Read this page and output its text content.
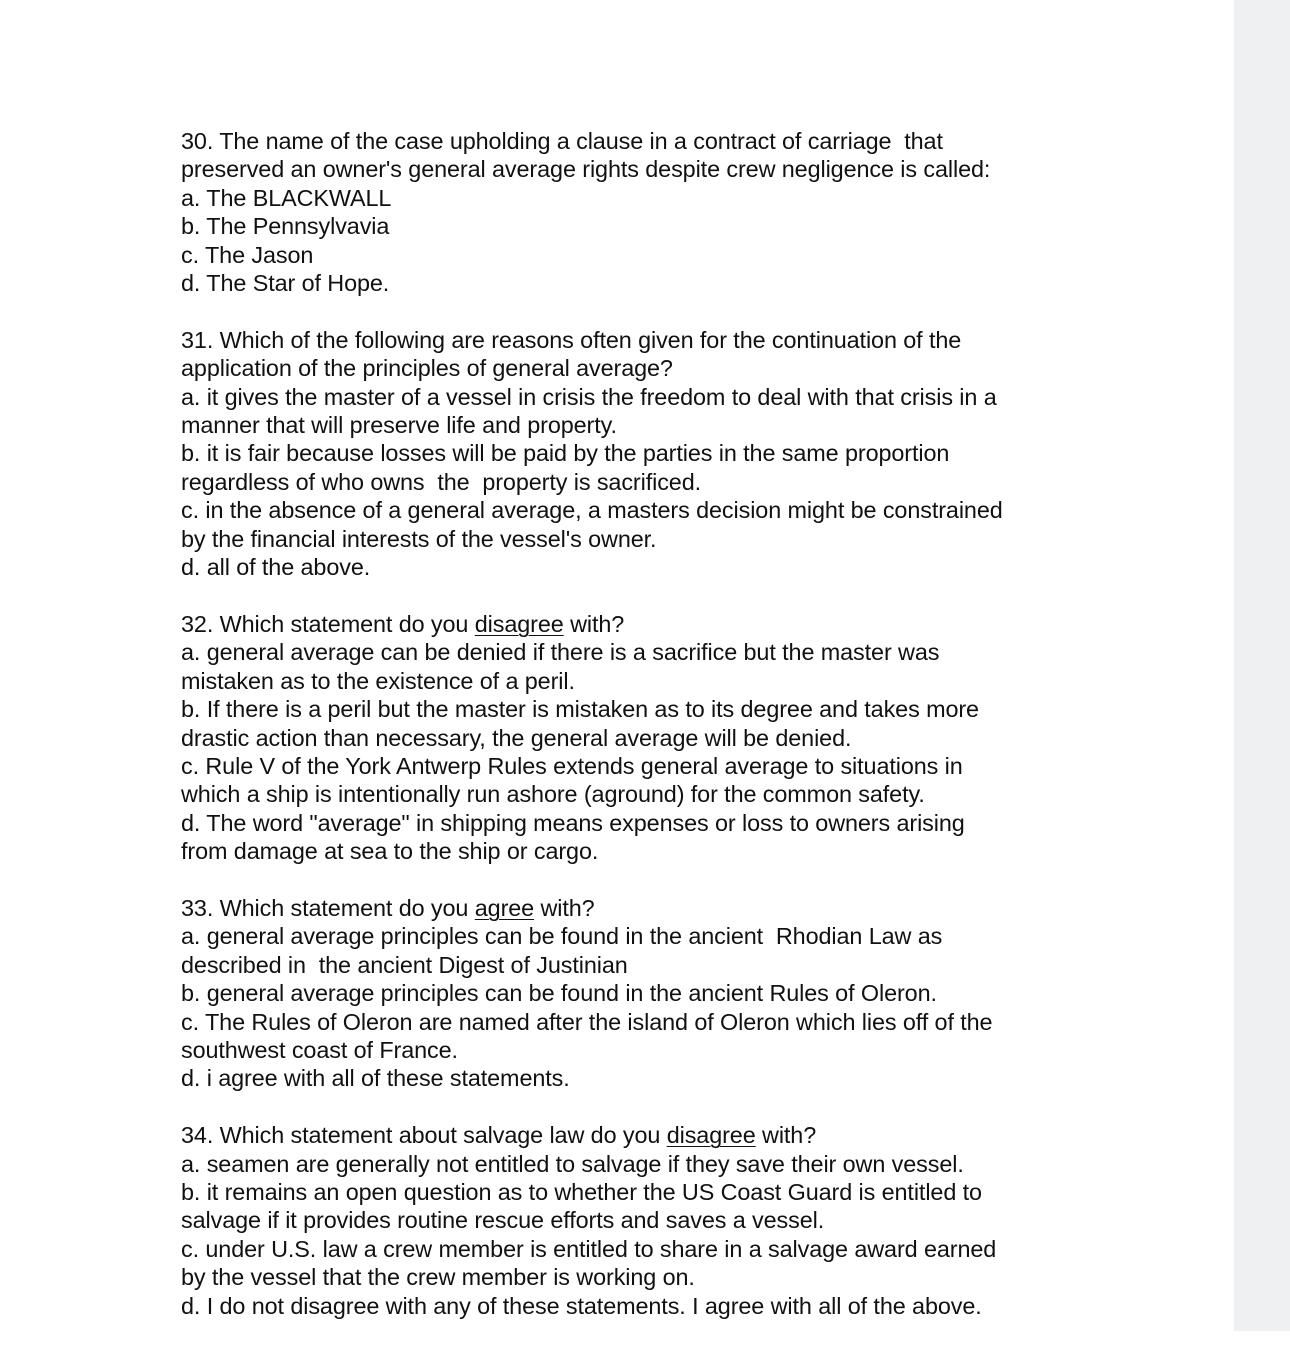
30. The name of the case upholding a clause in a contract of carriage  that
preserved an owner's general average rights despite crew negligence is called:
a. The BLACKWALL
b. The Pennsylvavia
c. The Jason
d. The Star of Hope.
31. Which of the following are reasons often given for the continuation of the
application of the principles of general average?
a. it gives the master of a vessel in crisis the freedom to deal with that crisis in a
manner that will preserve life and property.
b. it is fair because losses will be paid by the parties in the same proportion
regardless of who owns  the  property is sacrificed.
c. in the absence of a general average, a masters decision might be constrained
by the financial interests of the vessel's owner.
d. all of the above.
32. Which statement do you disagree with?
a. general average can be denied if there is a sacrifice but the master was
mistaken as to the existence of a peril.
b. If there is a peril but the master is mistaken as to its degree and takes more
drastic action than necessary, the general average will be denied.
c. Rule V of the York Antwerp Rules extends general average to situations in
which a ship is intentionally run ashore (aground) for the common safety.
d. The word "average" in shipping means expenses or loss to owners arising
from damage at sea to the ship or cargo.
33. Which statement do you agree with?
a. general average principles can be found in the ancient  Rhodian Law as
described in  the ancient Digest of Justinian
b. general average principles can be found in the ancient Rules of Oleron.
c. The Rules of Oleron are named after the island of Oleron which lies off of the
southwest coast of France.
d. i agree with all of these statements.
34. Which statement about salvage law do you disagree with?
a. seamen are generally not entitled to salvage if they save their own vessel.
b. it remains an open question as to whether the US Coast Guard is entitled to
salvage if it provides routine rescue efforts and saves a vessel.
c. under U.S. law a crew member is entitled to share in a salvage award earned
by the vessel that the crew member is working on.
d. I do not disagree with any of these statements. I agree with all of the above.
